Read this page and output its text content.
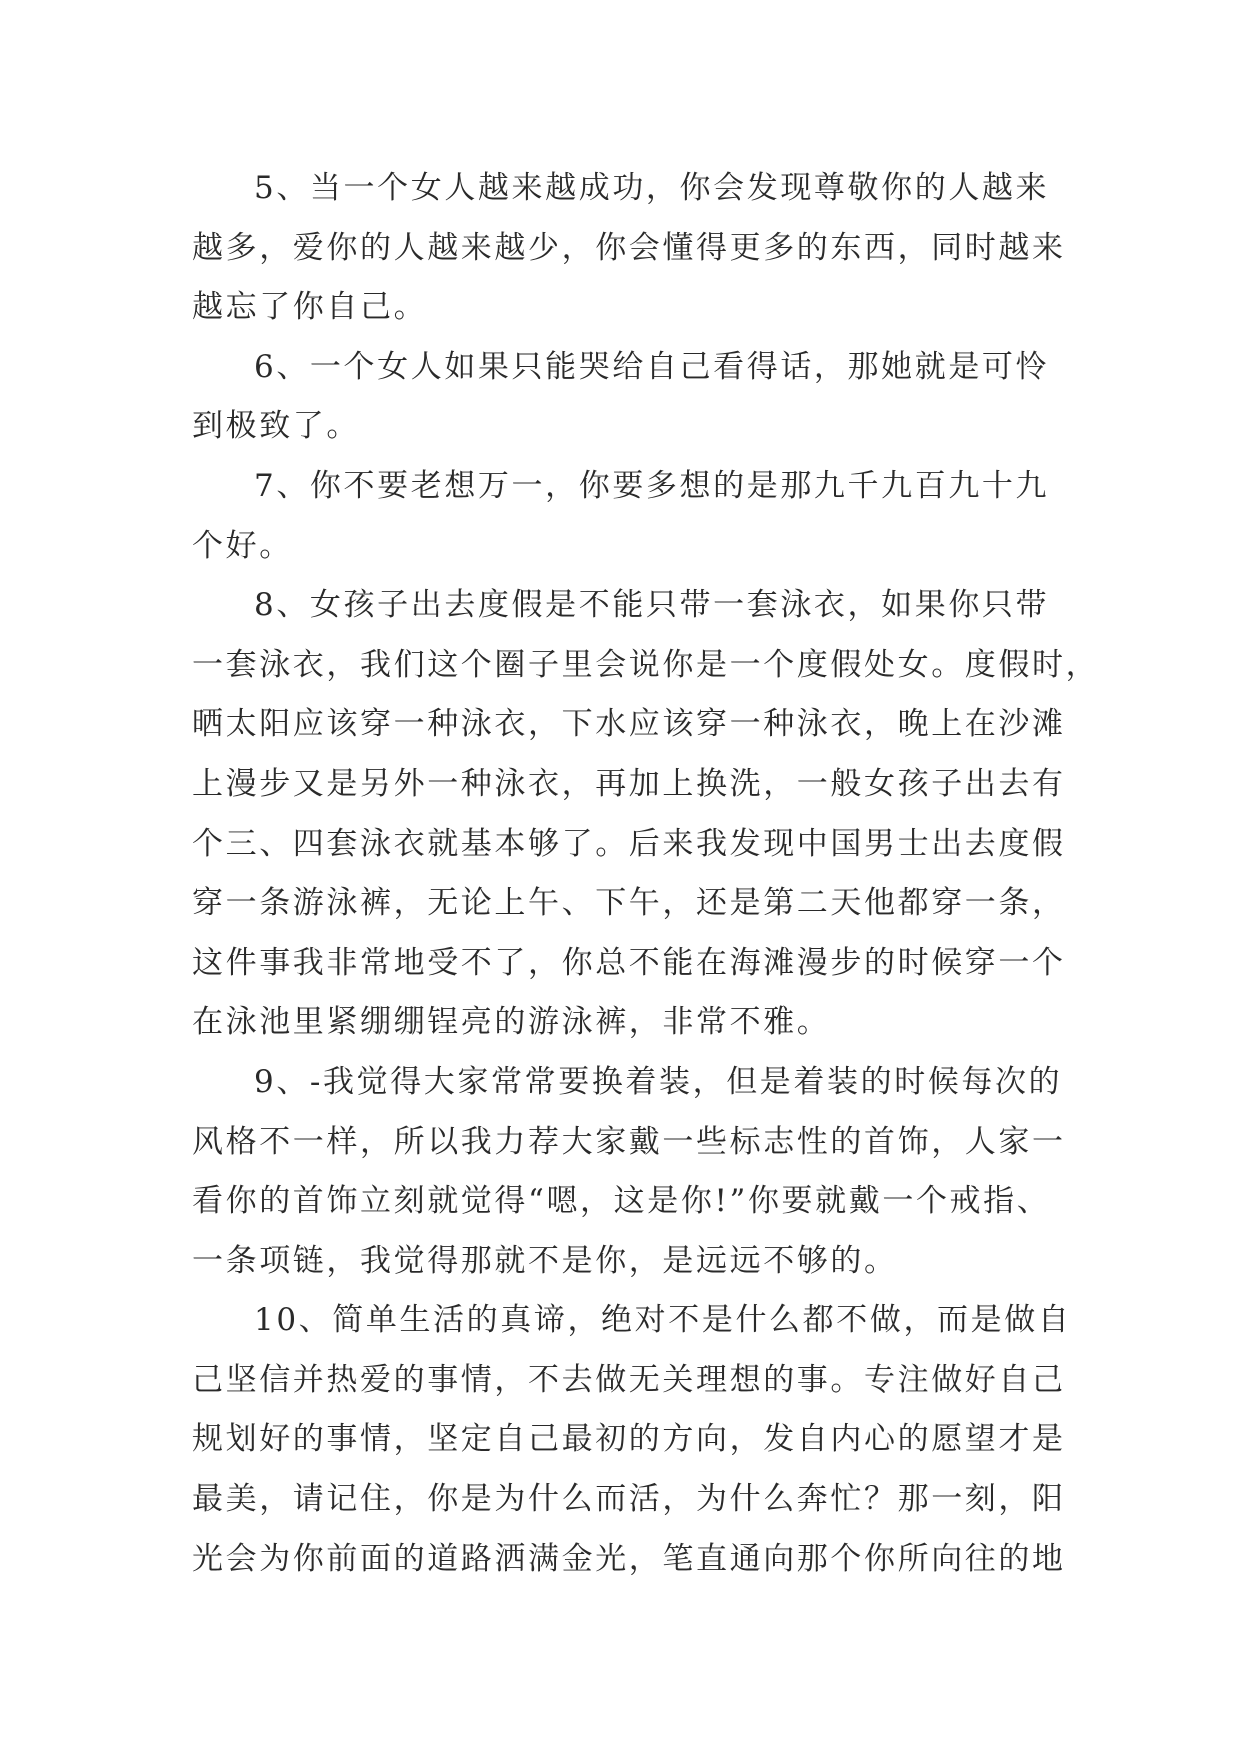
5、当一个女人越来越成功，你会发现尊敬你的人越来
越多，爱你的人越来越少，你会懂得更多的东西，同时越来
越忘了你自己。
6、一个女人如果只能哭给自己看得话，那她就是可怜
到极致了。
7、你不要老想万一，你要多想的是那九千九百九十九
个好。
8、女孩子出去度假是不能只带一套泳衣，如果你只带
一套泳衣，我们这个圈子里会说你是一个度假处女。度假时，
晒太阳应该穿一种泳衣，下水应该穿一种泳衣，晚上在沙滩
上漫步又是另外一种泳衣，再加上换洗，一般女孩子出去有
个三、四套泳衣就基本够了。后来我发现中国男士出去度假
穿一条游泳裤，无论上午、下午，还是第二天他都穿一条，
这件事我非常地受不了，你总不能在海滩漫步的时候穿一个
在泳池里紧绷绷锃亮的游泳裤，非常不雅。
9、-我觉得大家常常要换着装，但是着装的时候每次的
风格不一样，所以我力荐大家戴一些标志性的首饰，人家一
看你的首饰立刻就觉得“嗯，这是你!”你要就戴一个戒指、
一条项链，我觉得那就不是你，是远远不够的。
10、简单生活的真谛，绝对不是什么都不做，而是做自
己坚信并热爱的事情，不去做无关理想的事。专注做好自己
规划好的事情，坚定自己最初的方向，发自内心的愿望才是
最美，请记住，你是为什么而活，为什么奔忙？那一刻，阳
光会为你前面的道路洒满金光，笔直通向那个你所向往的地
